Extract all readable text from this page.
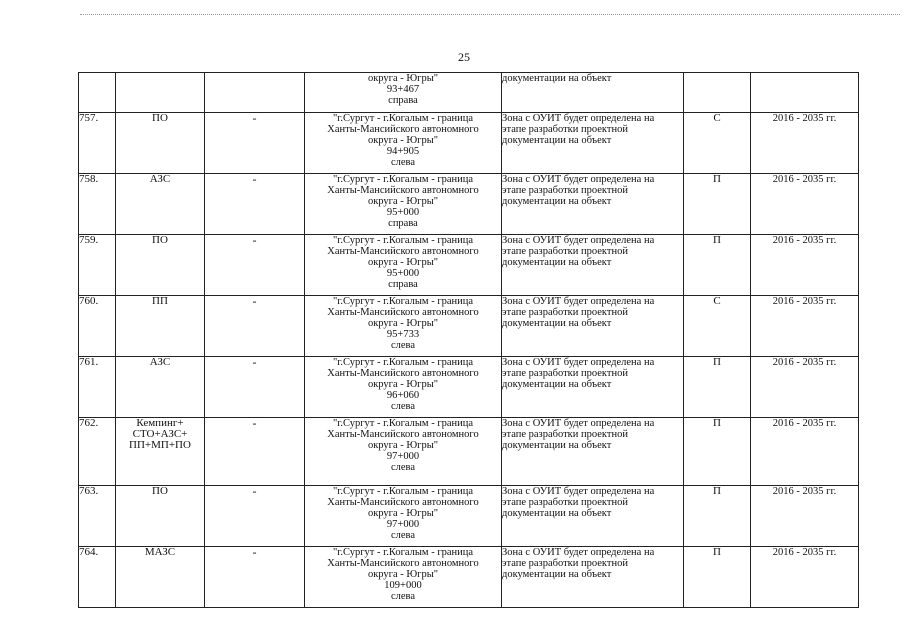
25

			округа - Югры"
93+467
справа	документации на объект		

757.	ПО	-	"г.Сургут - г.Когалым - граница
Ханты-Мансийского автономного
округа - Югры"
94+905
слева	Зона с ОУИТ будет определена на
этапе разработки проектной
документации на объект	С	2016 - 2035 гг.
758.	АЗС	-	"г.Сургут - г.Когалым - граница
Ханты-Мансийского автономного
округа - Югры"
95+000
справа	Зона с ОУИТ будет определена на
этапе разработки проектной
документации на объект	П	2016 - 2035 гг.
759.	ПО	-	"г.Сургут - г.Когалым - граница
Ханты-Мансийского автономного
округа - Югры"
95+000
справа	Зона с ОУИТ будет определена на
этапе разработки проектной
документации на объект	П	2016 - 2035 гг.
760.	ПП	-	"г.Сургут - г.Когалым - граница
Ханты-Мансийского автономного
округа - Югры"
95+733
слева	Зона с ОУИТ будет определена на
этапе разработки проектной
документации на объект	С	2016 - 2035 гг.
761.	АЗС	-	"г.Сургут - г.Когалым - граница
Ханты-Мансийского автономного
округа - Югры"
96+060
слева	Зона с ОУИТ будет определена на
этапе разработки проектной
документации на объект	П	2016 - 2035 гг.
762.	Кемпинг+
СТО+АЗС+
ПП+МП+ПО	-	"г.Сургут - г.Когалым - граница
Ханты-Мансийского автономного
округа - Югры"
97+000
слева	Зона с ОУИТ будет определена на
этапе разработки проектной
документации на объект	П	2016 - 2035 гг.
763.	ПО	-	"г.Сургут - г.Когалым - граница
Ханты-Мансийского автономного
округа - Югры"
97+000
слева	Зона с ОУИТ будет определена на
этапе разработки проектной
документации на объект	П	2016 - 2035 гг.
764.	МАЗС	-	"г.Сургут - г.Когалым - граница
Ханты-Мансийского автономного
округа - Югры"
109+000
слева	Зона с ОУИТ будет определена на
этапе разработки проектной
документации на объект	П	2016 - 2035 гг.
